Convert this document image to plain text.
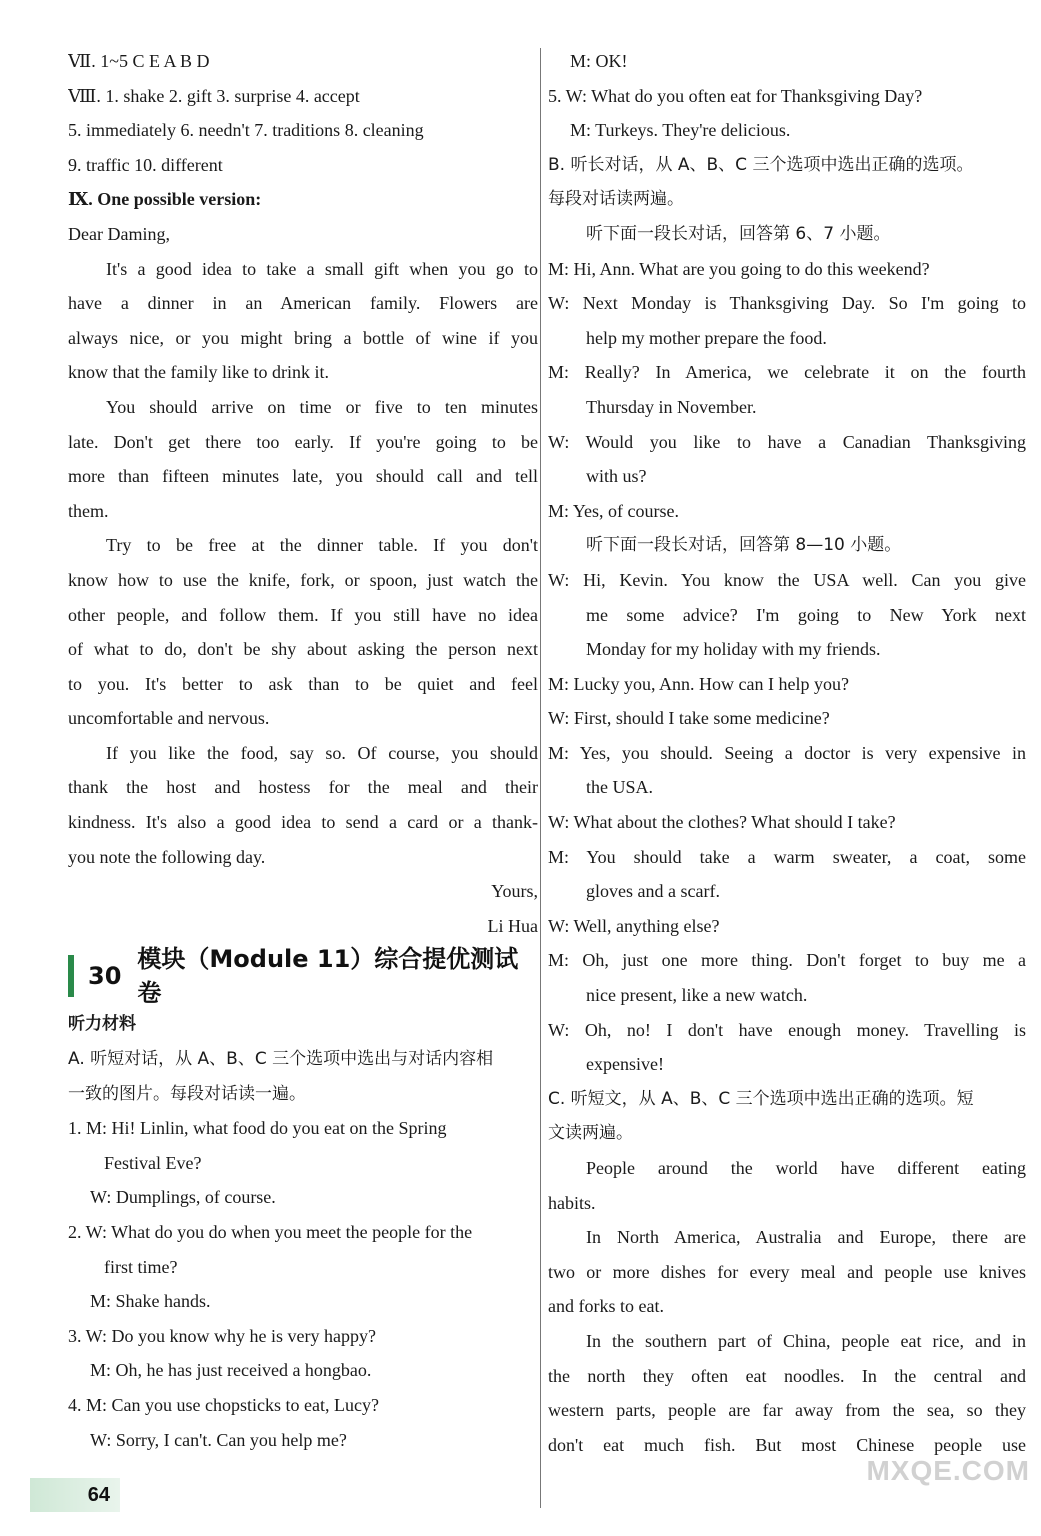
Ⅶ. 1~5 C E A B D
Ⅷ. 1. shake 2. gift 3. surprise 4. accept
5. immediately 6. needn't 7. traditions 8. cleaning
9. traffic 10. different
Ⅸ. One possible version:
Dear Daming,
It's a good idea to take a small gift when you go to
have a dinner in an American family. Flowers are
always nice, or you might bring a bottle of wine if you
know that the family like to drink it.
You should arrive on time or five to ten minutes
late. Don't get there too early. If you're going to be
more than fifteen minutes late, you should call and tell
them.
Try to be free at the dinner table. If you don't
know how to use the knife, fork, or spoon, just watch the
other people, and follow them. If you still have no idea
of what to do, don't be shy about asking the person next
to you. It's better to ask than to be quiet and feel
uncomfortable and nervous.
If you like the food, say so. Of course, you should
thank the host and hostess for the meal and their
kindness. It's also a good idea to send a card or a thank-
you note the following day.
Yours,
Li Hua
30
模块（Module 11）综合提优测试卷
听力材料
A. 听短对话，从 A、B、C 三个选项中选出与对话内容相
一致的图片。每段对话读一遍。
1. M: Hi! Linlin, what food do you eat on the Spring
Festival Eve?
W: Dumplings, of course.
2. W: What do you do when you meet the people for the
first time?
M: Shake hands.
3. W: Do you know why he is very happy?
M: Oh, he has just received a hongbao.
4. M: Can you use chopsticks to eat, Lucy?
W: Sorry, I can't. Can you help me?
M: OK!
5. W: What do you often eat for Thanksgiving Day?
M: Turkeys. They're delicious.
B. 听长对话，从 A、B、C 三个选项中选出正确的选项。
每段对话读两遍。
听下面一段长对话，回答第 6、7 小题。
M: Hi, Ann. What are you going to do this weekend?
W: Next Monday is Thanksgiving Day. So I'm going to
help my mother prepare the food.
M: Really? In America, we celebrate it on the fourth
Thursday in November.
W: Would you like to have a Canadian Thanksgiving
with us?
M: Yes, of course.
听下面一段长对话，回答第 8—10 小题。
W: Hi, Kevin. You know the USA well. Can you give
me some advice? I'm going to New York next
Monday for my holiday with my friends.
M: Lucky you, Ann. How can I help you?
W: First, should I take some medicine?
M: Yes, you should. Seeing a doctor is very expensive in
the USA.
W: What about the clothes? What should I take?
M: You should take a warm sweater, a coat, some
gloves and a scarf.
W: Well, anything else?
M: Oh, just one more thing. Don't forget to buy me a
nice present, like a new watch.
W: Oh, no! I don't have enough money. Travelling is
expensive!
C. 听短文，从 A、B、C 三个选项中选出正确的选项。短
文读两遍。
People around the world have different eating
habits.
In North America, Australia and Europe, there are
two or more dishes for every meal and people use knives
and forks to eat.
In the southern part of China, people eat rice, and in
the north they often eat noodles. In the central and
western parts, people are far away from the sea, so they
don't eat much fish. But most Chinese people use
64
MXQE.COM
